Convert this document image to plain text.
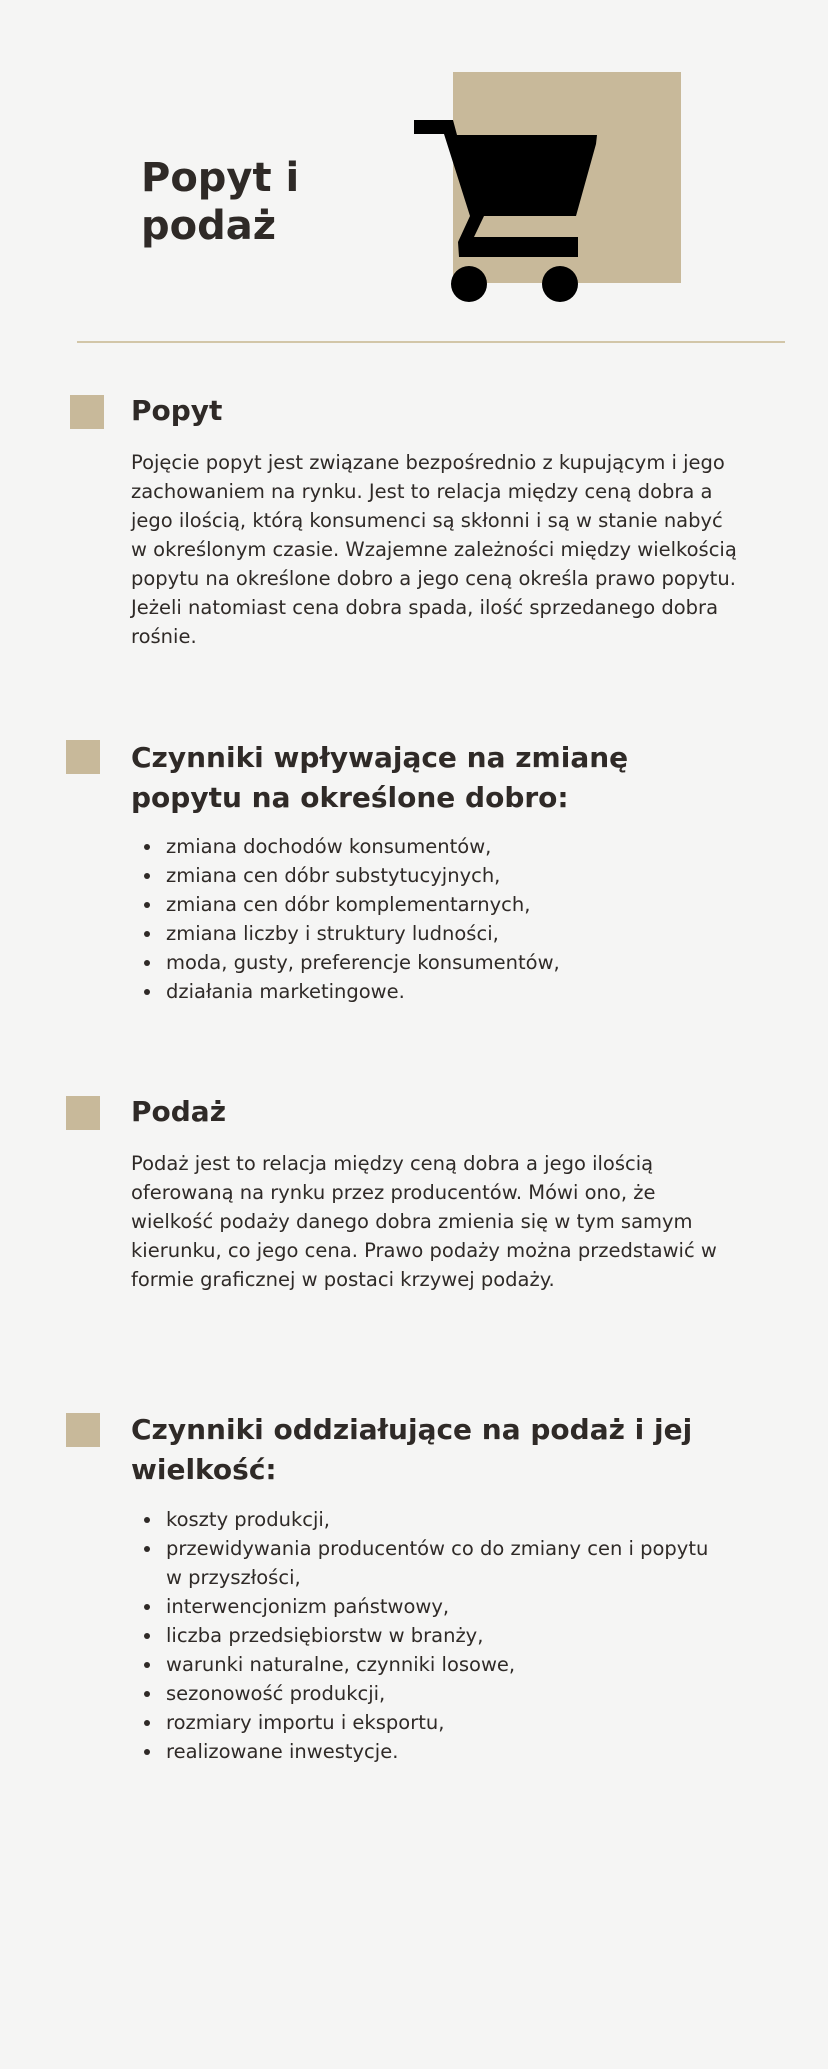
Popyt i podaż
Popyt

Pojęcie popyt jest związane bezpośrednio z kupującym i jego zachowaniem na rynku. Jest to relacja między ceną dobra a jego ilością, którą konsumenci są skłonni i są w stanie nabyć w określonym czasie. Wzajemne zależności między wielkością popytu na określone dobro a jego ceną określa prawo popytu. Jeżeli natomiast cena dobra spada, ilość sprzedanego dobra rośnie.

Czynniki wpływające na zmianę popytu na określone dobro:
zmiana dochodów konsumentów,
zmiana cen dóbr substytucyjnych,
zmiana cen dóbr komplementarnych,
zmiana liczby i struktury ludności,
moda, gusty, preferencje konsumentów,
działania marketingowe.
Podaż

Podaż jest to relacja między ceną dobra a jego ilością oferowaną na rynku przez producentów. Mówi ono, że wielkość podaży danego dobra zmienia się w tym samym kierunku, co jego cena. Prawo podaży można przedstawić w formie graficznej w postaci krzywej podaży.

Czynniki oddziałujące na podaż i jej wielkość:
koszty produkcji,
przewidywania producentów co do zmiany cen i popytu w przyszłości,
interwencjonizm państwowy,
liczba przedsiębiorstw w branży,
warunki naturalne, czynniki losowe,
sezonowość produkcji,
rozmiary importu i eksportu,
realizowane inwestycje.
